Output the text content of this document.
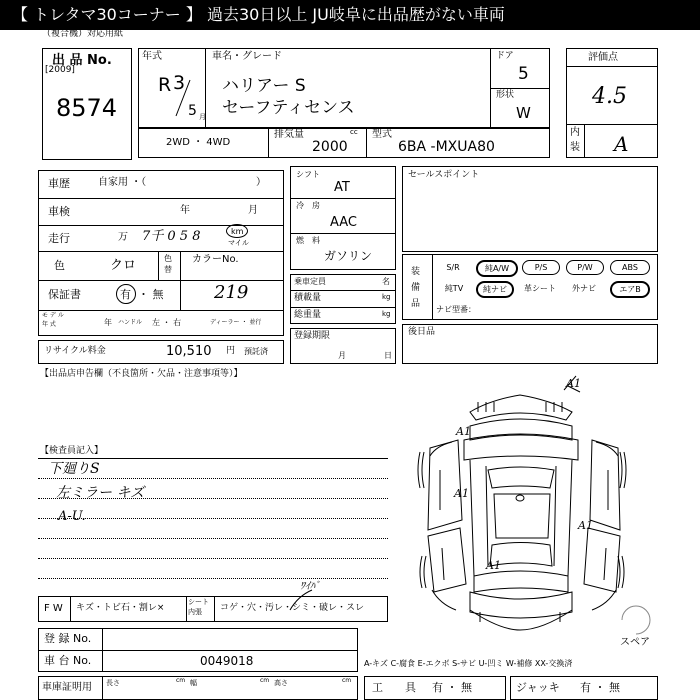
【 トレタマ30コーナー 】 過去30日以上 JU岐阜に出品歴がない車両
（複合機）対応用紙
出 品 No.
[2009]
8574
年式
R 3
5 月
車名・グレード
ハリアー S
セーフティセンス
ドア
5
形状
W
評価点
4.5
内
装 A
2WD ・ 4WD
排気量	cc
2000
型式
6BA -MXUA80
車歴	自家用 ・（	）
車検	年	月
走行	万 7千 0 5 8	km
マイル
色	クロ	色
替
カラーNo.
219
保証書	有 ・ 無
モ デ ル
年 式	年 ハンドル 左 ・ 右	ディーラー ・ 並行
リサイクル料金	10,510 円 預託済
シフト
AT
冷　房
AAC
燃　料
ガソリン
乗車定員	名
積載量	kg
総重量	kg
登録期限
月	日
セールスポイント
装
備
品
S/R	純A/W	P/S	P/W	ABS
純TV	純ナビ	革シート	外ナビ	エアB
ナビ型番：
後日品
【出品店申告欄（不良箇所・欠品・注意事項等）】
【検査員記入】
下廻りS
左ミラー キズ
A-U.
A1
A1
A1
A1
A1
スペア
F W キズ・トビ石・割レ×
シート
内張 コゲ・穴・汚レ・シミ・破レ・スレ
ﾜｲﾊﾞ
登 録 No.
車 台 No.	0049018	A-キズ C-腐食 E-エクボ S-サビ U-凹ミ W-補修 XX-交換済
車庫証明用 長さ	cm 幅	cm 高さ	cm
工　　具 有 ・ 無	ジャッキ 有 ・ 無
